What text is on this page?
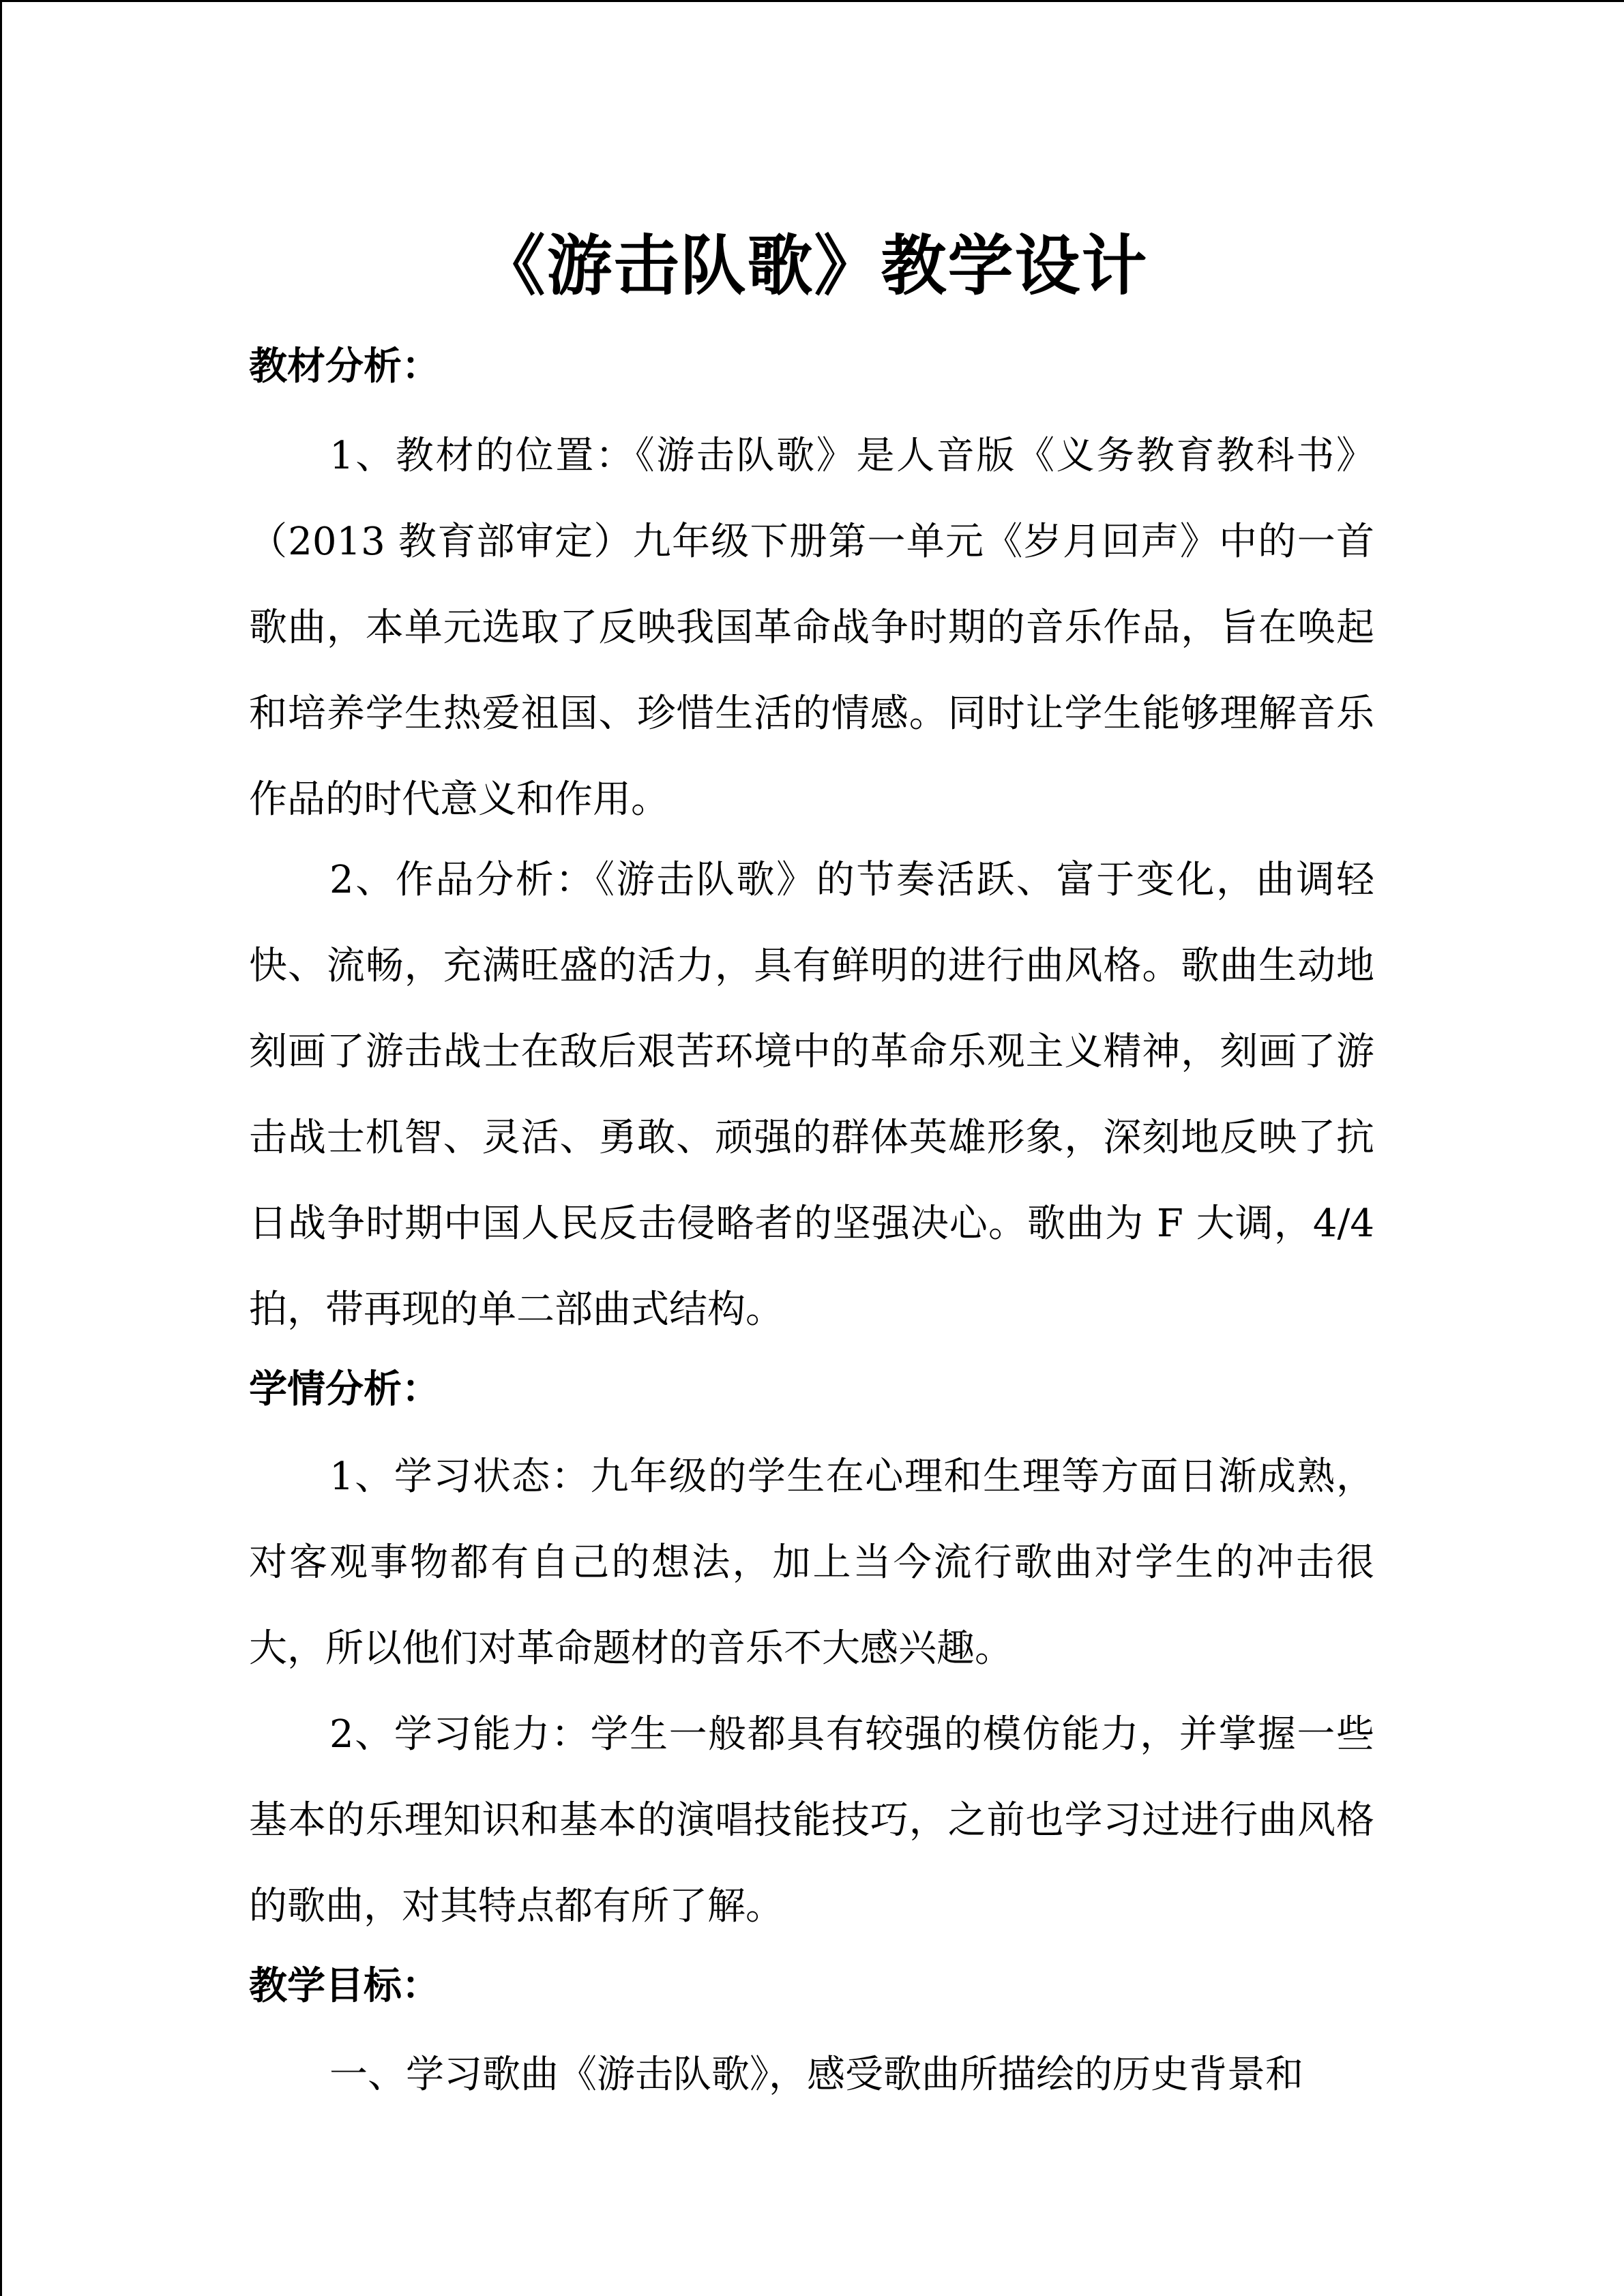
《游击队歌》教学设计
教材分析：

1、教材的位置：《游击队歌》是人音版《义务教育教科书》（2013 教育部审定）九年级下册第一单元《岁月回声》中的一首歌曲，本单元选取了反映我国革命战争时期的音乐作品，旨在唤起和培养学生热爱祖国、珍惜生活的情感。同时让学生能够理解音乐作品的时代意义和作用。

2、作品分析：《游击队歌》的节奏活跃、富于变化，曲调轻快、流畅，充满旺盛的活力，具有鲜明的进行曲风格。歌曲生动地刻画了游击战士在敌后艰苦环境中的革命乐观主义精神，刻画了游击战士机智、灵活、勇敢、顽强的群体英雄形象，深刻地反映了抗日战争时期中国人民反击侵略者的坚强决心。歌曲为 F 大调，4/4 拍，带再现的单二部曲式结构。

学情分析：

1、学习状态：九年级的学生在心理和生理等方面日渐成熟，对客观事物都有自己的想法，加上当今流行歌曲对学生的冲击很大，所以他们对革命题材的音乐不大感兴趣。

2、学习能力：学生一般都具有较强的模仿能力，并掌握一些基本的乐理知识和基本的演唱技能技巧，之前也学习过进行曲风格的歌曲，对其特点都有所了解。

教学目标：

一、学习歌曲《游击队歌》，感受歌曲所描绘的历史背景和
